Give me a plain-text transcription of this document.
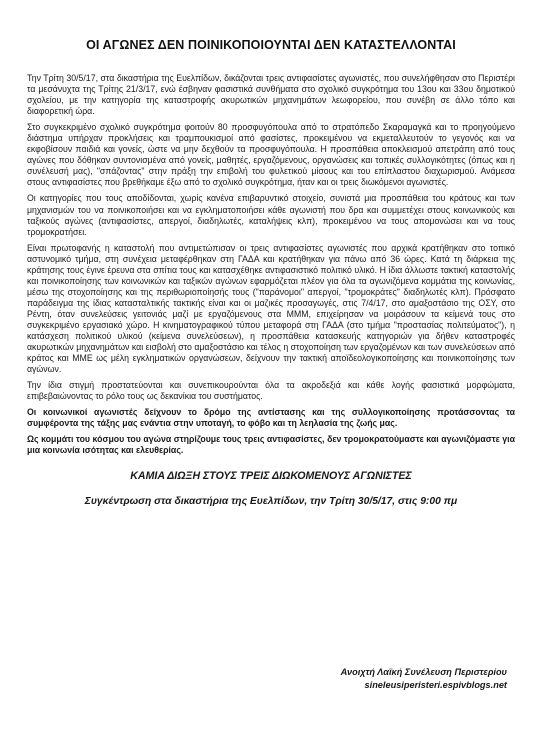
ΟΙ ΑΓΩΝΕΣ ΔΕΝ ΠΟΙΝΙΚΟΠΟΙΟΥΝΤΑΙ ΔΕΝ ΚΑΤΑΣΤΕΛΛΟΝΤΑΙ

Την Τρίτη 30/5/17, στα δικαστήρια της Ευελπίδων, δικάζονται τρεις αντιφασίστες αγωνιστές, που συνελήφθησαν στο Περιστέρι τα μεσάνυχτα της Τρίτης 21/3/17, ενώ έσβηναν φασιστικά συνθήματα στο σχολικό συγκρότημα του 13ου και 33ου δημοτικού σχολείου, με την κατηγορία της καταστροφής ακυρωτικών μηχανημάτων λεωφορείου, που συνέβη σε άλλο τόπο και διαφορετική ώρα.

Στο συγκεκριμένο σχολικό συγκρότημα φοιτούν 80 προσφυγόπουλα από το στρατόπεδο Σκαραμαγκά και το προηγούμενο διάστημα υπήρχαν προκλήσεις και τραμπουκισμοί από φασίστες, προκειμένου να εκμεταλλευτούν το γεγονός και να εκφοβίσουν παιδιά και γονείς, ώστε να μην δεχθούν τα προσφυγόπουλα. Η προσπάθεια αποκλεισμού απετράπη από τους αγώνες που δόθηκαν συντονισμένα από γονείς, μαθητές, εργαζόμενους, οργανώσεις και τοπικές συλλογικότητες (όπως και η συνέλευσή μας), "σπάζοντας" στην πράξη την επιβολή του φυλετικού μίσους και του επίπλαστου διαχωρισμού. Ανάμεσα στους αντιφασίστες που βρεθήκαμε έξω από το σχολικό συγκρότημα, ήταν και οι τρεις διωκόμενοι αγωνιστές.

Οι κατηγορίες που τους αποδίδονται, χωρίς κανένα επιβαρυντικό στοιχείο, συνιστά μια προσπάθεια του κράτους και των μηχανισμών του να ποινικοποιήσει και να εγκληματοποιήσει κάθε αγωνιστή που δρα και συμμετέχει στους κοινωνικούς και ταξικούς αγώνες (αντιφασίστες, απεργοί, διαδηλωτές, καταλήψεις κλπ), προκειμένου να τους απομονώσει και να τους τρομοκρατήσει.

Είναι πρωτοφανής η καταστολή που αντιμετώπισαν οι τρεις αντιφασίστες αγωνιστές που αρχικά κρατήθηκαν στο τοπικό αστυνομικό τμήμα, στη συνέχεια μεταφέρθηκαν στη ΓΑΔΑ και κρατήθηκαν για πάνω από 36 ώρες. Κατά τη διάρκεια της κράτησης τους έγινε έρευνα στα σπίτια τους και κατασχέθηκε αντιφασιστικό πολιτικό υλικό. Η ίδια άλλωστε τακτική καταστολής και ποινικοποίησης των κοινωνικών και ταξικών αγώνων εφαρμόζεται πλέον για όλα τα αγωνιζόμενα κομμάτια της κοινωνίας, μέσω της στοχοποίησης και της περιθωριοποίησής τους ("παράνομοι" απεργοί, "τρομοκράτες" διαδηλωτές κλπ). Πρόσφατο παράδειγμα της ίδιας κατασταλτικής τακτικής είναι και οι μαζικές προσαγωγές, στις 7/4/17, στο αμαξοστάσιο της ΟΣΥ, στο Ρέντη, όταν συνελεύσεις γειτονιάς μαζί με εργαζόμενους στα ΜΜΜ, επιχείρησαν να μοιράσουν τα κείμενά τους στο συγκεκριμένο εργασιακό χώρο. Η κινηματογραφικού τύπου μεταφορά στη ΓΑΔΑ (στο τμήμα "προστασίας πολιτεύματος"), η κατάσχεση πολιτικού υλικού (κείμενα συνελεύσεων), η προσπάθεια κατασκευής κατηγοριών για δήθεν καταστροφές ακυρωτικών μηχανημάτων και εισβολή στο αμαξοστάσιο και τέλος η στοχοποίηση των εργαζομένων και των συνελεύσεων από κράτος και ΜΜΕ ως μέλη εγκληματικών οργανώσεων, δείχνουν την τακτική αποϊδεολογικοποίησης και ποινικοποίησης των αγώνων.

Την ίδια στιγμή προστατεύονται και συνεπικουρούνται όλα τα ακροδεξιά και κάθε λογής φασιστικά μορφώματα, επιβεβαιώνοντας το ρόλο τους ως δεκανίκια του συστήματος.

Οι κοινωνικοί αγωνιστές δείχνουν το δρόμο της αντίστασης και της συλλογικοποίησης προτάσσοντας τα συμφέροντα της τάξης μας ενάντια στην υποταγή, το φόβο και τη λεηλασία της ζωής μας.

Ως κομμάτι του κόσμου του αγώνα στηρίζουμε τους τρεις αντιφασίστες, δεν τρομοκρατούμαστε και αγωνιζόμαστε για μια κοινωνία ισότητας και ελευθερίας.

ΚΑΜΙΑ ΔΙΩΞΗ ΣΤΟΥΣ ΤΡΕΙΣ ΔΙΩΚΟΜΕΝΟΥΣ ΑΓΩΝΙΣΤΕΣ
Συγκέντρωση στα δικαστήρια της Ευελπίδων, την Τρίτη 30/5/17, στις 9:00 πμ
Ανοιχτή Λαϊκή Συνέλευση Περιστερίου
sineleusiperisteri.espivblogs.net
